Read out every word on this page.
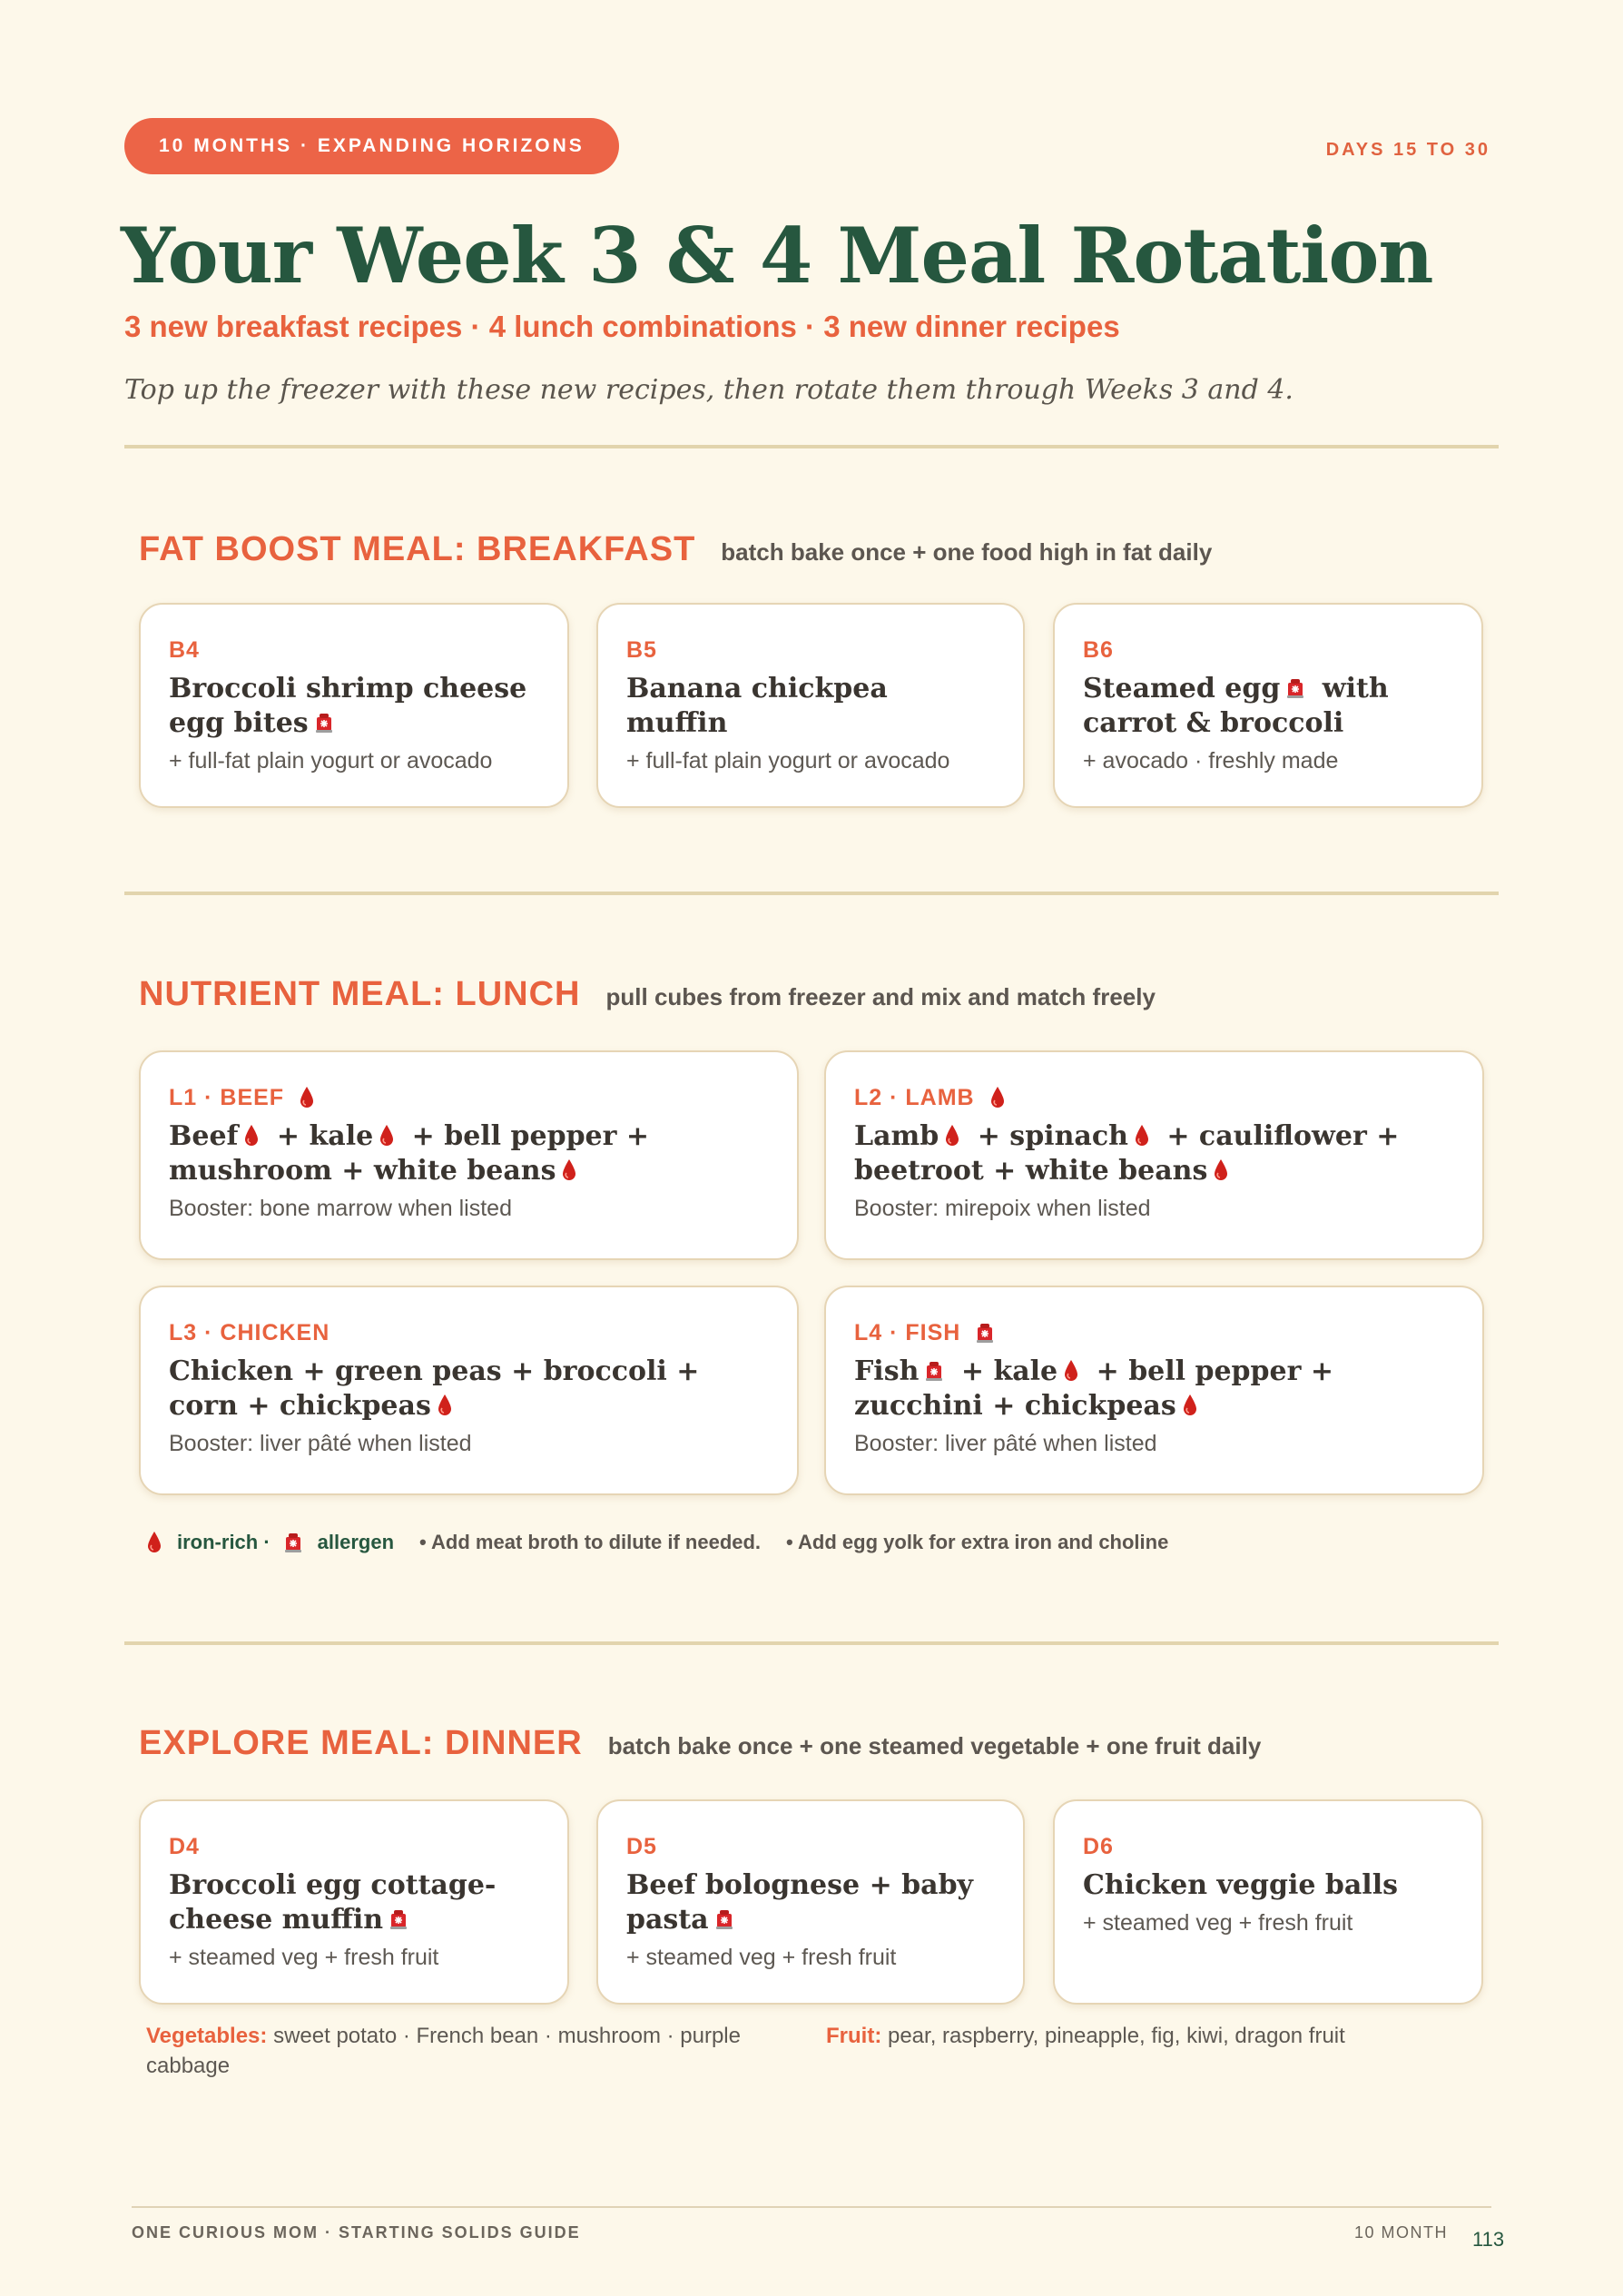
10 MONTHS · EXPANDING HORIZONS	DAYS 15 TO 30
Your Week 3 & 4 Meal Rotation
3 new breakfast recipes · 4 lunch combinations · 3 new dinner recipes
Top up the freezer with these new recipes, then rotate them through Weeks 3 and 4.
FAT BOOST MEAL: BREAKFAST batch bake once + one food high in fat daily
B4
Broccoli shrimp cheese egg bites
+ full-fat plain yogurt or avocado
B5
Banana chickpea muffin
+ full-fat plain yogurt or avocado
B6
Steamed egg with carrot & broccoli
+ avocado · freshly made
NUTRIENT MEAL: LUNCH pull cubes from freezer and mix and match freely
L1 · BEEF
Beef + kale + bell pepper + mushroom + white beans
Booster: bone marrow when listed
L2 · LAMB
Lamb + spinach + cauliflower + beetroot + white beans
Booster: mirepoix when listed
L3 · CHICKEN
Chicken + green peas + broccoli + corn + chickpeas
Booster: liver pâté when listed
L4 · FISH
Fish + kale + bell pepper + zucchini + chickpeas
Booster: liver pâté when listed
iron-rich · allergen • Add meat broth to dilute if needed. • Add egg yolk for extra iron and choline
EXPLORE MEAL: DINNER batch bake once + one steamed vegetable + one fruit daily
D4
Broccoli egg cottage-cheese muffin
+ steamed veg + fresh fruit
D5
Beef bolognese + baby pasta
+ steamed veg + fresh fruit
D6
Chicken veggie balls
+ steamed veg + fresh fruit
Vegetables: sweet potato · French bean · mushroom · purple cabbage
Fruit: pear, raspberry, pineapple, fig, kiwi, dragon fruit
ONE CURIOUS MOM · STARTING SOLIDS GUIDE	10 MONTH 113
